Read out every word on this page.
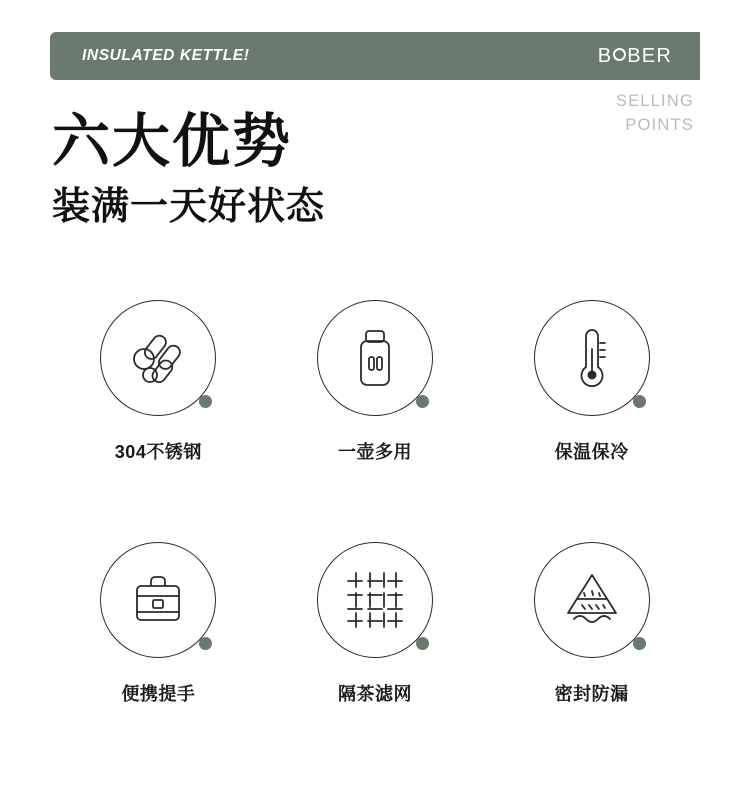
INSULATED KETTLE!	B BER
六大优势
装满一天好状态
SELLING
POINTS
304不锈钢	一壶多用	保温保冷
便携提手	隔茶滤网	密封防漏
